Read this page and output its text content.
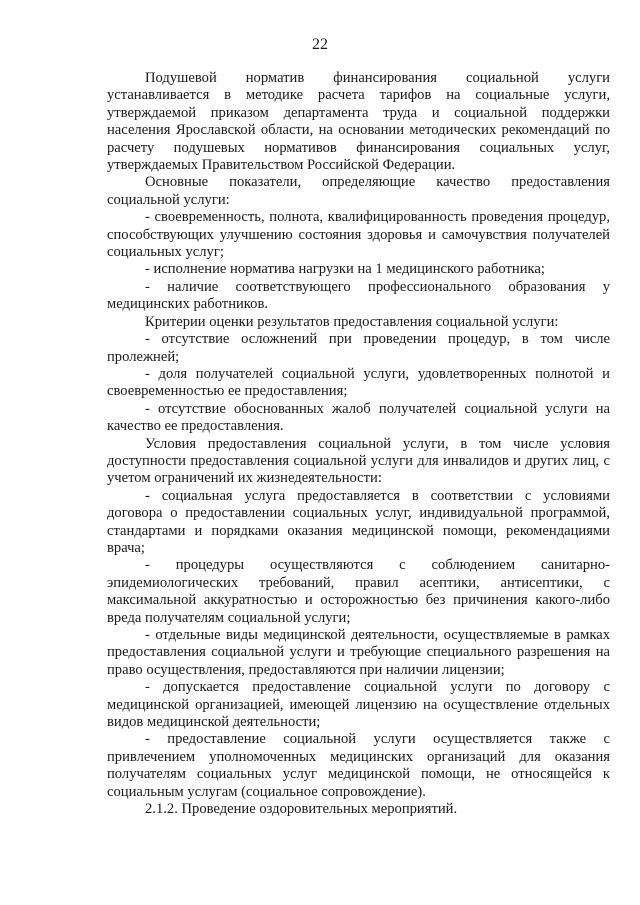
22

Подушевой норматив финансирования социальной услуги устанавливается в методике расчета тарифов на социальные услуги, утверждаемой приказом департамента труда и социальной поддержки населения Ярославской области, на основании методических рекомендаций по расчету подушевых нормативов финансирования социальных услуг, утверждаемых Правительством Российской Федерации.

Основные показатели, определяющие качество предоставления социальной услуги:

- своевременность, полнота, квалифицированность проведения процедур, способствующих улучшению состояния здоровья и самочувствия получателей социальных услуг;

- исполнение норматива нагрузки на 1 медицинского работника;

- наличие соответствующего профессионального образования у медицинских работников.

Критерии оценки результатов предоставления социальной услуги:

- отсутствие осложнений при проведении процедур, в том числе пролежней;

- доля получателей социальной услуги, удовлетворенных полнотой и своевременностью ее предоставления;

- отсутствие обоснованных жалоб получателей социальной услуги на качество ее предоставления.

Условия предоставления социальной услуги, в том числе условия доступности предоставления социальной услуги для инвалидов и других лиц, с учетом ограничений их жизнедеятельности:

- социальная услуга предоставляется в соответствии с условиями договора о предоставлении социальных услуг, индивидуальной программой, стандартами и порядками оказания медицинской помощи, рекомендациями врача;

- процедуры осуществляются с соблюдением санитарно-эпидемиологических требований, правил асептики, антисептики, с максимальной аккуратностью и осторожностью без причинения какого-либо вреда получателям социальной услуги;

- отдельные виды медицинской деятельности, осуществляемые в рамках предоставления социальной услуги и требующие специального разрешения на право осуществления, предоставляются при наличии лицензии;

- допускается предоставление социальной услуги по договору с медицинской организацией, имеющей лицензию на осуществление отдельных видов медицинской деятельности;

- предоставление социальной услуги осуществляется также с привлечением уполномоченных медицинских организаций для оказания получателям социальных услуг медицинской помощи, не относящейся к социальным услугам (социальное сопровождение).

2.1.2. Проведение оздоровительных мероприятий.
